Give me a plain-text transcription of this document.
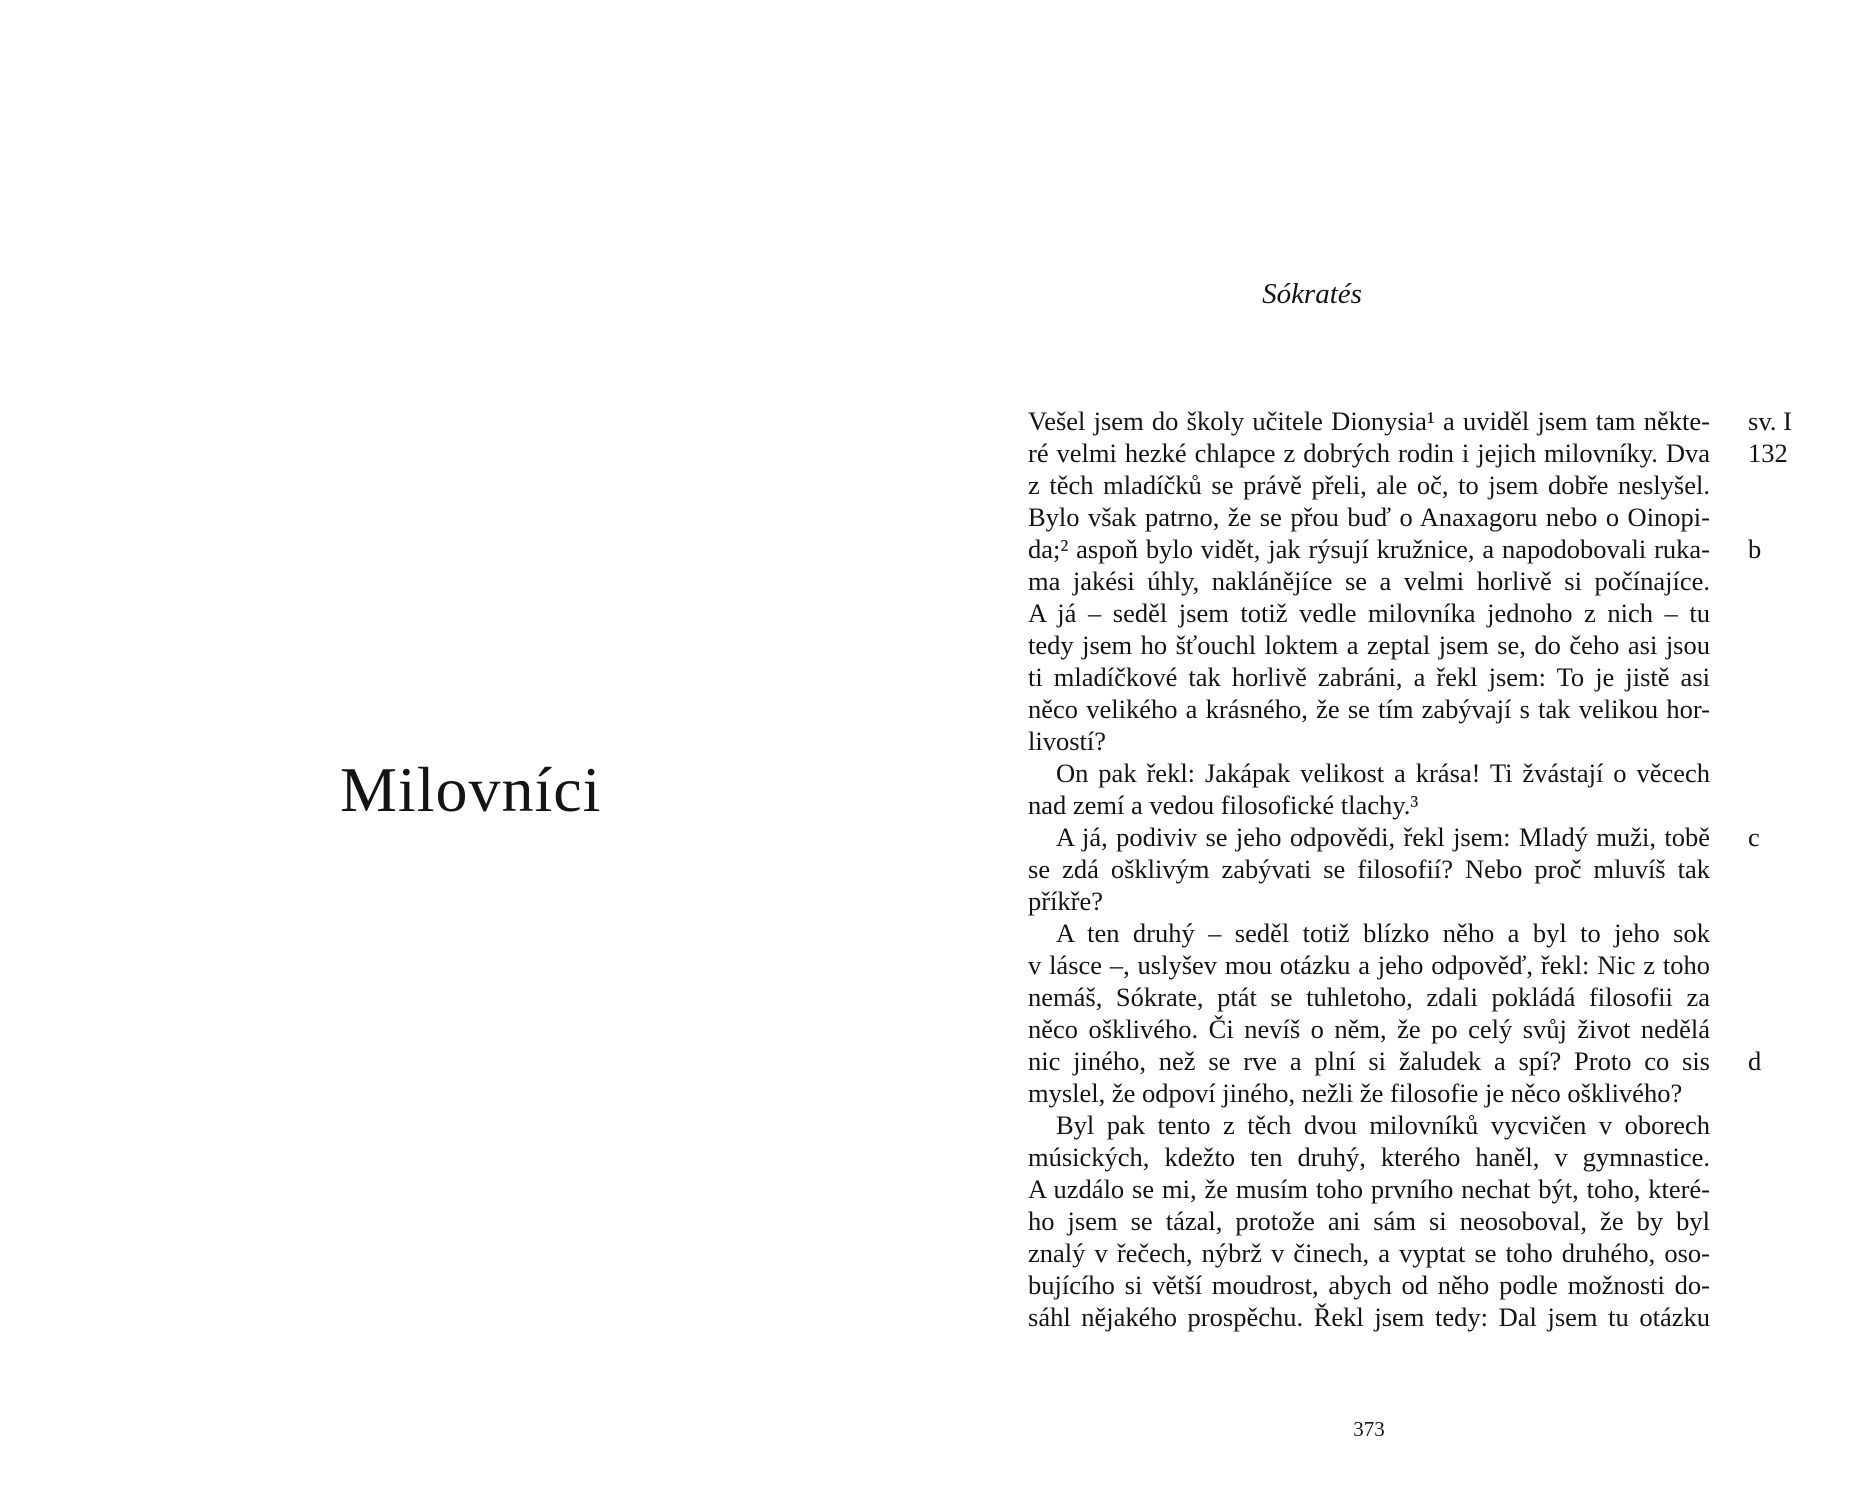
Milovníci
Sókratés
Vešel jsem do školy učitele Dionysia¹ a uviděl jsem tam někte- sv. I
ré velmi hezké chlapce z dobrých rodin i jejich milovníky. Dva 132
z těch mladíčků se právě přeli, ale oč, to jsem dobře neslyšel.
Bylo však patrno, že se přou buď o Anaxagoru nebo o Oinopi-
da;² aspoň bylo vidět, jak rýsují kružnice, a napodobovali ruka- b
ma jakési úhly, naklánějíce se a velmi horlivě si počínajíce.
A já – seděl jsem totiž vedle milovníka jednoho z nich – tu
tedy jsem ho šťouchl loktem a zeptal jsem se, do čeho asi jsou
ti mladíčkové tak horlivě zabráni, a řekl jsem: To je jistě asi
něco velikého a krásného, že se tím zabývají s tak velikou hor-
livostí?
On pak řekl: Jakápak velikost a krása! Ti žvástají o věcech
nad zemí a vedou filosofické tlachy.³
A já, podiviv se jeho odpovědi, řekl jsem: Mladý muži, tobě c
se zdá ošklivým zabývati se filosofií? Nebo proč mluvíš tak
příkře?
A ten druhý – seděl totiž blízko něho a byl to jeho sok
v lásce –, uslyšev mou otázku a jeho odpověď, řekl: Nic z toho
nemáš, Sókrate, ptát se tuhletoho, zdali pokládá filosofii za
něco ošklivého. Či nevíš o něm, že po celý svůj život nedělá
nic jiného, než se rve a plní si žaludek a spí? Proto co sis d
myslel, že odpoví jiného, nežli že filosofie je něco ošklivého?
Byl pak tento z těch dvou milovníků vycvičen v oborech
músických, kdežto ten druhý, kterého haněl, v gymnastice.
A uzdálo se mi, že musím toho prvního nechat být, toho, které-
ho jsem se tázal, protože ani sám si neosoboval, že by byl
znalý v řečech, nýbrž v činech, a vyptat se toho druhého, oso-
bujícího si větší moudrost, abych od něho podle možnosti do-
sáhl nějakého prospěchu. Řekl jsem tedy: Dal jsem tu otázku
373
